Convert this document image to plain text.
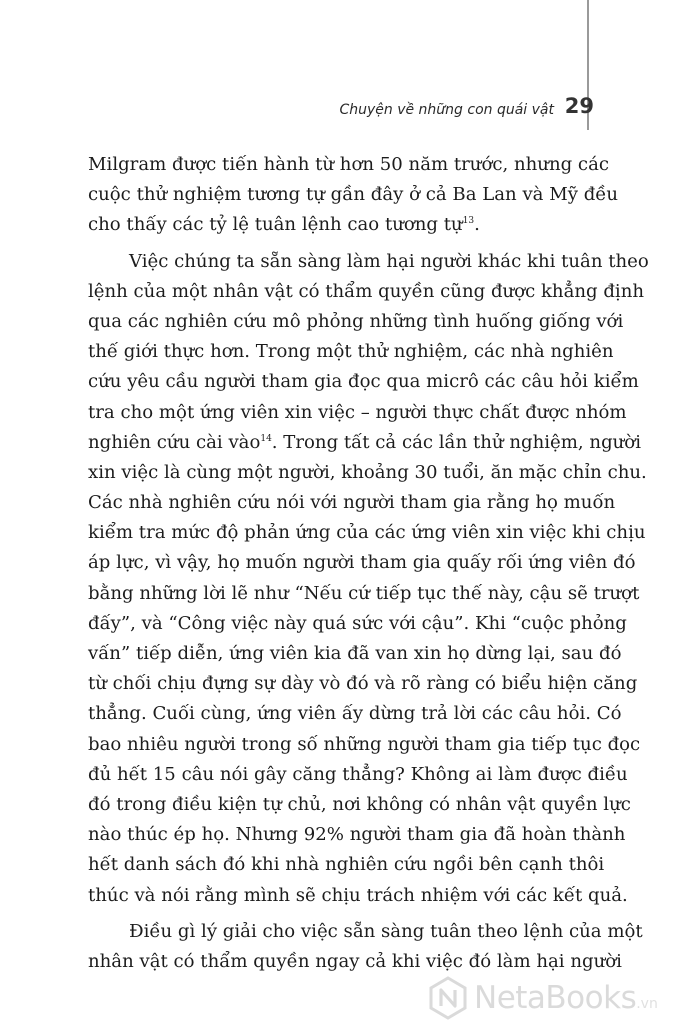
Chuyện về những con quái vật 29
Milgram được tiến hành từ hơn 50 năm trước, nhưng các
cuộc thử nghiệm tương tự gần đây ở cả Ba Lan và Mỹ đều
cho thấy các tỷ lệ tuân lệnh cao tương tự$^{13}$.
Việc chúng ta sẵn sàng làm hại người khác khi tuân theo
lệnh của một nhân vật có thẩm quyền cũng được khẳng định
qua các nghiên cứu mô phỏng những tình huống giống với
thế giới thực hơn. Trong một thử nghiệm, các nhà nghiên
cứu yêu cầu người tham gia đọc qua micrô các câu hỏi kiểm
tra cho một ứng viên xin việc – người thực chất được nhóm
nghiên cứu cài vào$^{14}$. Trong tất cả các lần thử nghiệm, người
xin việc là cùng một người, khoảng 30 tuổi, ăn mặc chỉn chu.
Các nhà nghiên cứu nói với người tham gia rằng họ muốn
kiểm tra mức độ phản ứng của các ứng viên xin việc khi chịu
áp lực, vì vậy, họ muốn người tham gia quấy rối ứng viên đó
bằng những lời lẽ như “Nếu cứ tiếp tục thế này, cậu sẽ trượt
đấy”, và “Công việc này quá sức với cậu”. Khi “cuộc phỏng
vấn” tiếp diễn, ứng viên kia đã van xin họ dừng lại, sau đó
từ chối chịu đựng sự dày vò đó và rõ ràng có biểu hiện căng
thẳng. Cuối cùng, ứng viên ấy dừng trả lời các câu hỏi. Có
bao nhiêu người trong số những người tham gia tiếp tục đọc
đủ hết 15 câu nói gây căng thẳng? Không ai làm được điều
đó trong điều kiện tự chủ, nơi không có nhân vật quyền lực
nào thúc ép họ. Nhưng 92% người tham gia đã hoàn thành
hết danh sách đó khi nhà nghiên cứu ngồi bên cạnh thôi
thúc và nói rằng mình sẽ chịu trách nhiệm với các kết quả.
Điều gì lý giải cho việc sẵn sàng tuân theo lệnh của một
nhân vật có thẩm quyền ngay cả khi việc đó làm hại người
NetaBooks.vn
